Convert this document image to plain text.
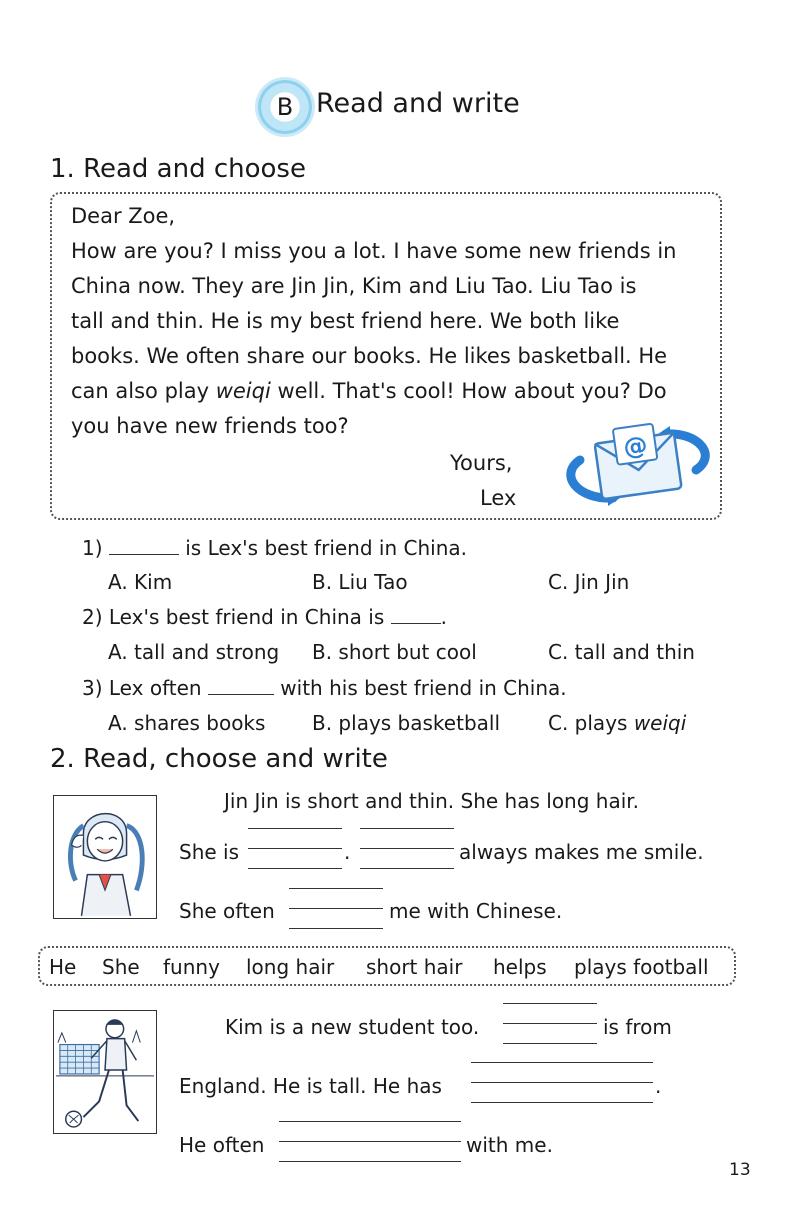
B Read and write
1. Read and choose
Dear Zoe,
How are you? I miss you a lot. I have some new friends in
China now. They are Jin Jin, Kim and Liu Tao. Liu Tao is
tall and thin. He is my best friend here. We both like
books. We often share our books. He likes basketball. He
can also play weiqi well. That's cool! How about you? Do
you have new friends too?
Yours,
Lex
@
1)	is Lex's best friend in China.
A. Kim	B. Liu Tao	C. Jin Jin
2) Lex's best friend in China is	.
A. tall and strong B. short but cool	C. tall and thin
3) Lex often	with his best friend in China.
A. shares books B. plays basketball C. plays weiqi
2. Read, choose and write
Jin Jin is short and thin. She has long hair.
She is	.	always makes me smile.
She often	me with Chinese.
He She funny long hair short hair helps plays football
Kim is a new student too.	is from
England. He is tall. He has	.
He often	with me.
13
